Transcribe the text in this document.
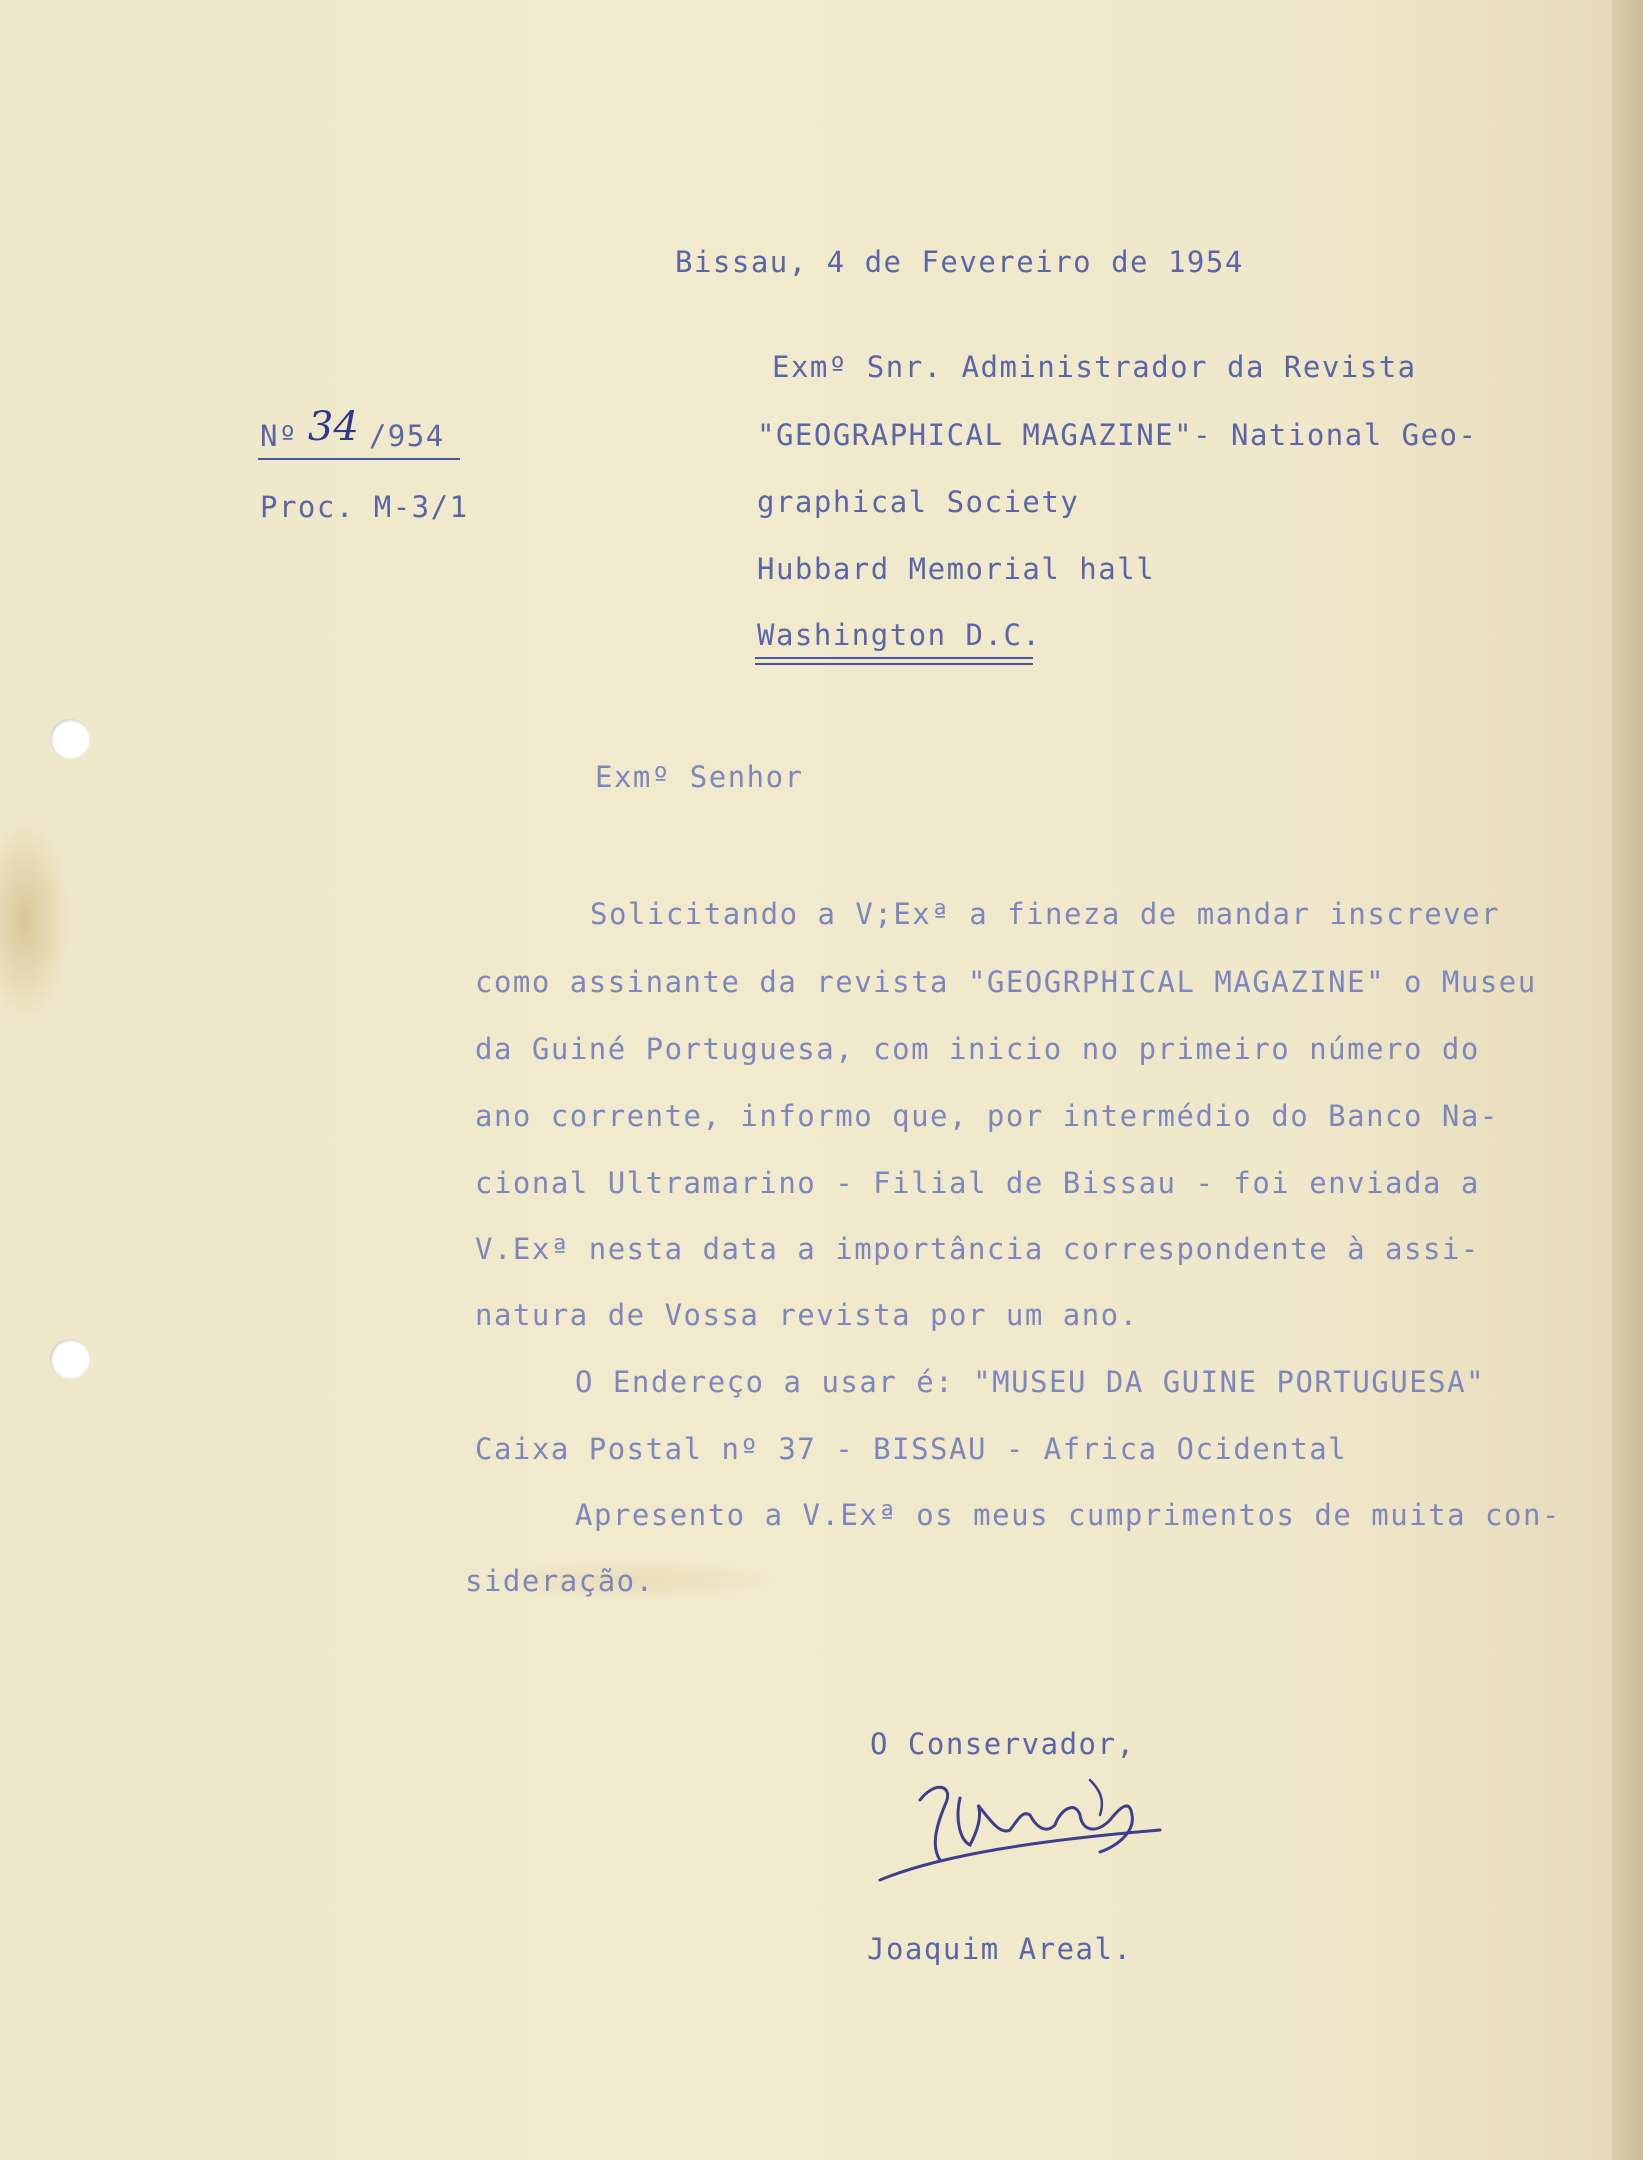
Bissau, 4 de Fevereiro de 1954

Nº 34 /954

Proc. M-3/1

Exmº Snr. Administrador da Revista

"GEOGRAPHICAL MAGAZINE"- National Geo-

graphical Society

Hubbard Memorial hall

Washington D.C.

Exmº Senhor

Solicitando a V;Exª a fineza de mandar inscrever

como assinante da revista "GEOGRPHICAL MAGAZINE" o Museu

da Guiné Portuguesa, com inicio no primeiro número do

ano corrente, informo que, por intermédio do Banco Na-

cional Ultramarino - Filial de Bissau - foi enviada a

V.Exª nesta data a importância correspondente à assi-

natura de Vossa revista por um ano.

O Endereço a usar é: "MUSEU DA GUINE PORTUGUESA"

Caixa Postal nº 37 - BISSAU - Africa Ocidental

Apresento a V.Exª os meus cumprimentos de muita con-

sideração.

O Conservador,

Joaquim Areal.
